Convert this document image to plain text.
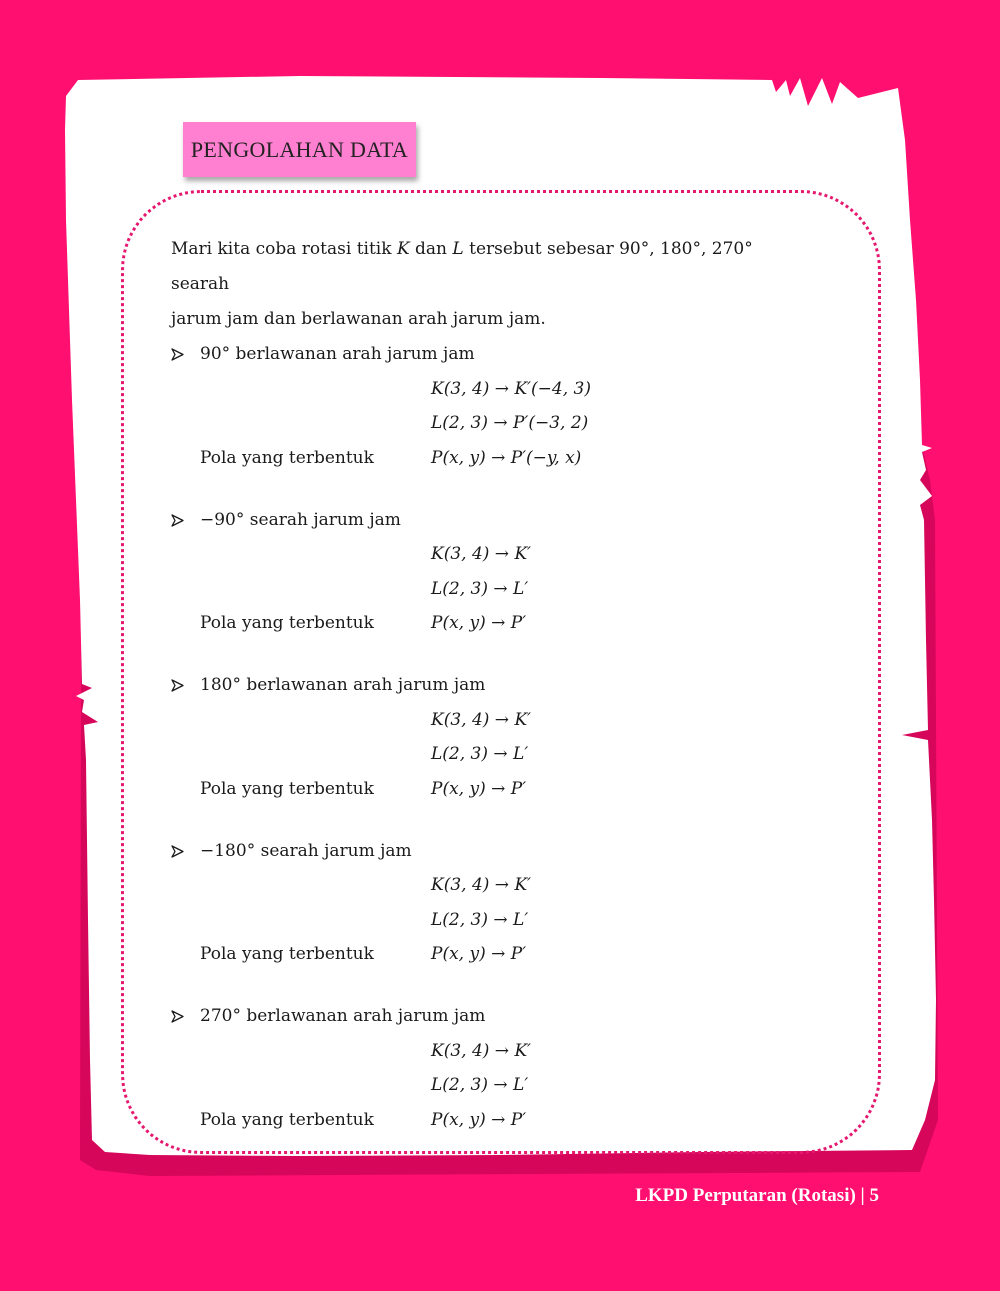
PENGOLAHAN DATA

Mari kita coba rotasi titik K dan L tersebut sebesar 90°, 180°, 270° searah

jarum jam dan berlawanan arah jarum jam.

90° berlawanan arah jarum jam
K(3, 4) → K′(−4, 3)
L(2, 3) → P′(−3, 2)
Pola yang terbentuk	P(x, y) → P′(−y, x)
−90° searah jarum jam
K(3, 4) → K′
L(2, 3) → L′
Pola yang terbentuk	P(x, y) → P′
180° berlawanan arah jarum jam
K(3, 4) → K′
L(2, 3) → L′
Pola yang terbentuk	P(x, y) → P′
−180° searah jarum jam
K(3, 4) → K′
L(2, 3) → L′
Pola yang terbentuk	P(x, y) → P′
270° berlawanan arah jarum jam
K(3, 4) → K′
L(2, 3) → L′
Pola yang terbentuk	P(x, y) → P′
LKPD Perputaran (Rotasi) | 5
